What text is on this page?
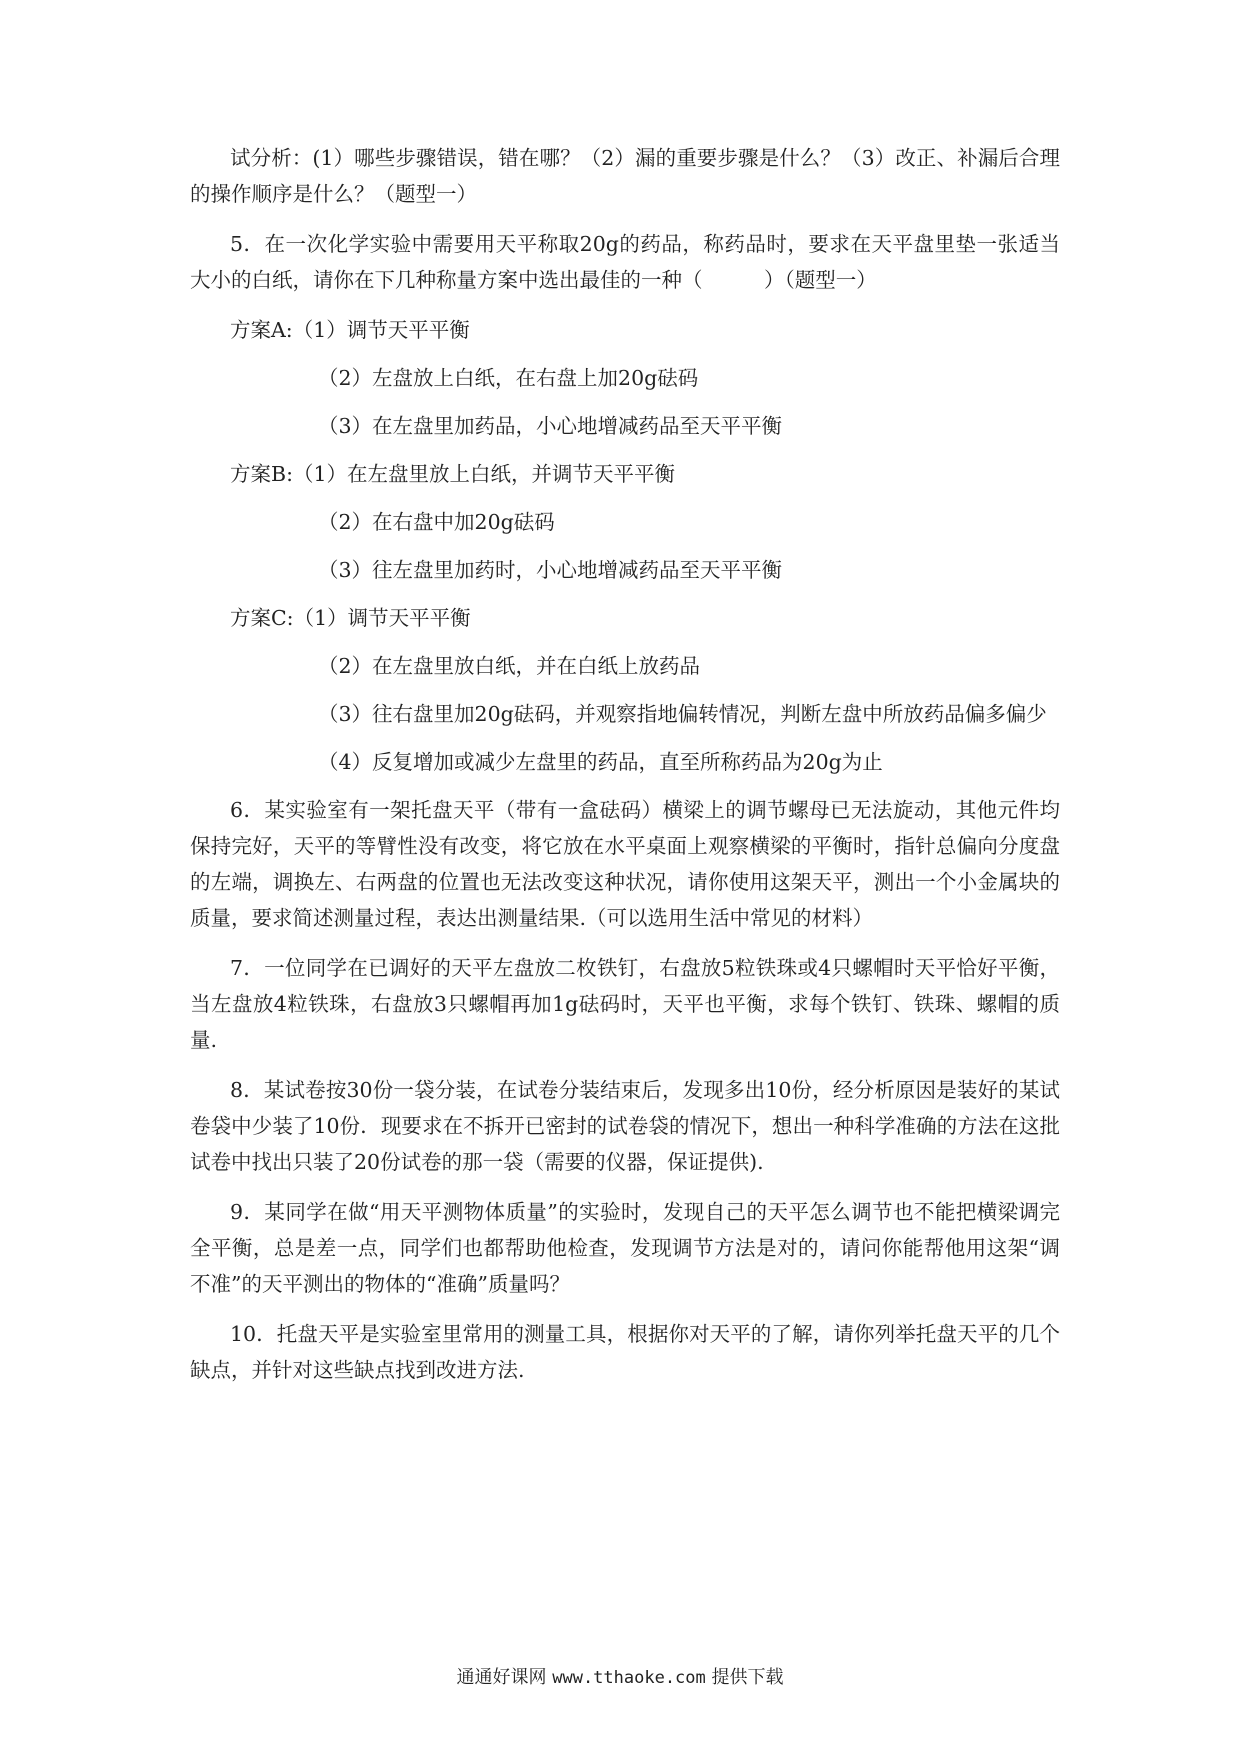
试分析：(1）哪些步骤错误，错在哪？（2）漏的重要步骤是什么？（3）改正、补漏后合理的操作顺序是什么？（题型一）

5．在一次化学实验中需要用天平称取20g的药品，称药品时，要求在天平盘里垫一张适当大小的白纸，请你在下几种称量方案中选出最佳的一种（　　　）（题型一）

方案A:（1）调节天平平衡
（2）左盘放上白纸，在右盘上加20g砝码
（3）在左盘里加药品，小心地增减药品至天平平衡
方案B:（1）在左盘里放上白纸，并调节天平平衡
（2）在右盘中加20g砝码
（3）往左盘里加药时，小心地增减药品至天平平衡
方案C:（1）调节天平平衡
（2）在左盘里放白纸，并在白纸上放药品
（3）往右盘里加20g砝码，并观察指地偏转情况，判断左盘中所放药品偏多偏少
（4）反复增加或减少左盘里的药品，直至所称药品为20g为止

6．某实验室有一架托盘天平（带有一盒砝码）横梁上的调节螺母已无法旋动，其他元件均保持完好，天平的等臂性没有改变，将它放在水平桌面上观察横梁的平衡时，指针总偏向分度盘的左端，调换左、右两盘的位置也无法改变这种状况，请你使用这架天平，测出一个小金属块的质量，要求简述测量过程，表达出测量结果.（可以选用生活中常见的材料）

7．一位同学在已调好的天平左盘放二枚铁钉，右盘放5粒铁珠或4只螺帽时天平恰好平衡，当左盘放4粒铁珠，右盘放3只螺帽再加1g砝码时，天平也平衡，求每个铁钉、铁珠、螺帽的质量.

8．某试卷按30份一袋分装，在试卷分装结束后，发现多出10份，经分析原因是装好的某试卷袋中少装了10份．现要求在不拆开已密封的试卷袋的情况下，想出一种科学准确的方法在这批试卷中找出只装了20份试卷的那一袋（需要的仪器，保证提供).

9．某同学在做“用天平测物体质量”的实验时，发现自己的天平怎么调节也不能把横梁调完全平衡，总是差一点，同学们也都帮助他检查，发现调节方法是对的，请问你能帮他用这架“调不准”的天平测出的物体的“准确”质量吗？

10．托盘天平是实验室里常用的测量工具，根据你对天平的了解，请你列举托盘天平的几个缺点，并针对这些缺点找到改进方法.

通通好课网 www.tthaoke.com 提供下载
